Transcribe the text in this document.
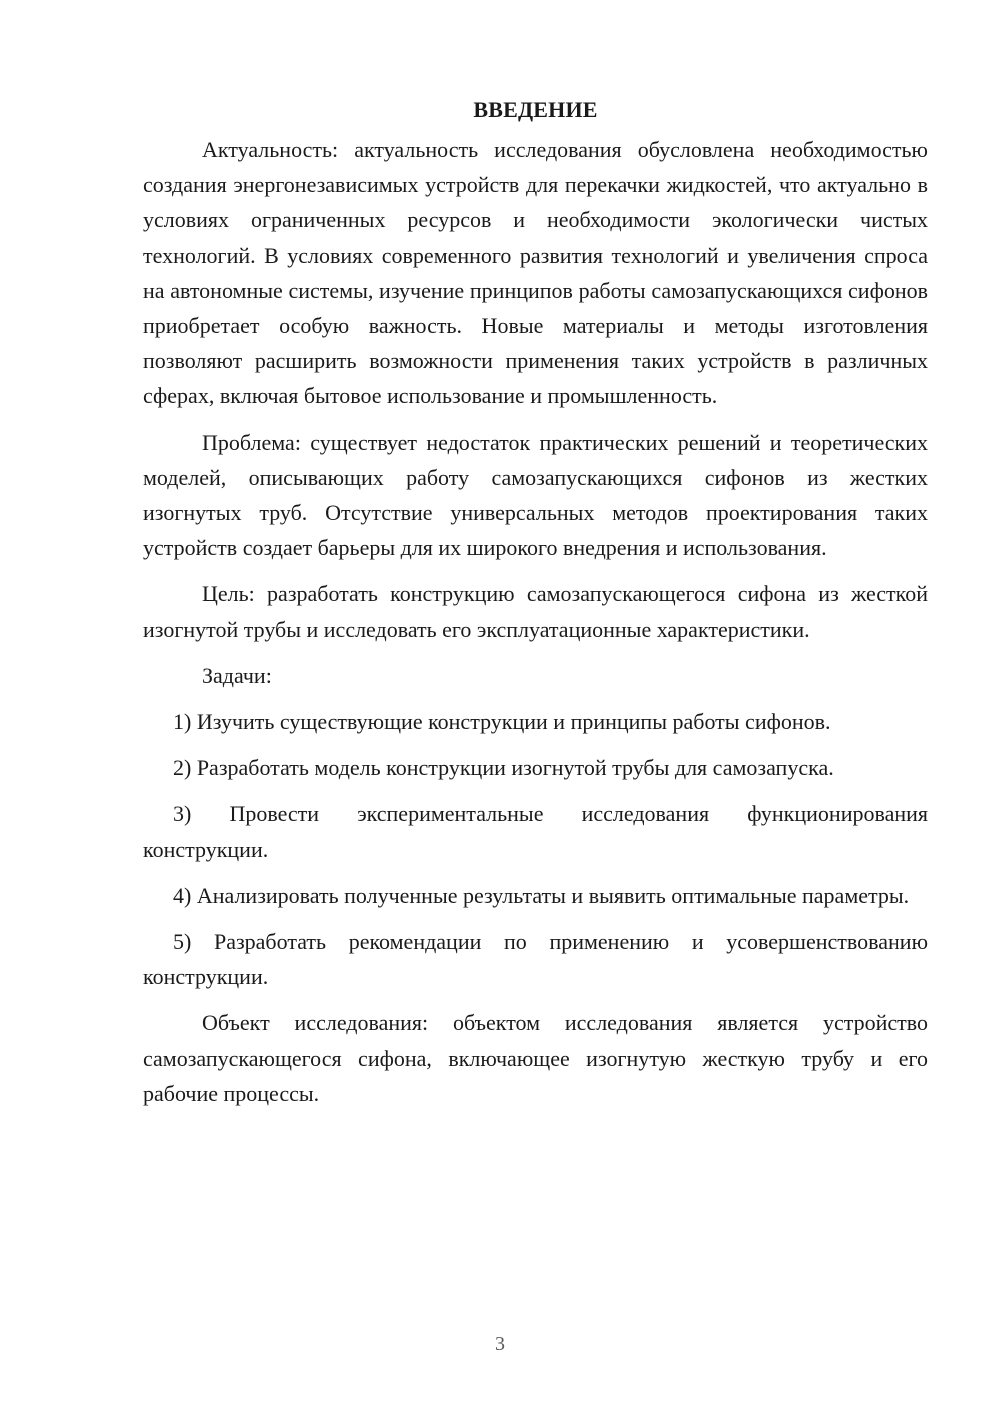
ВВЕДЕНИЕ

Актуальность: актуальность исследования обусловлена необходимостью создания энергонезависимых устройств для перекачки жидкостей, что актуально в условиях ограниченных ресурсов и необходимости экологически чистых технологий. В условиях современного развития технологий и увеличения спроса на автономные системы, изучение принципов работы самозапускающихся сифонов приобретает особую важность. Новые материалы и методы изготовления позволяют расширить возможности применения таких устройств в различных сферах, включая бытовое использование и промышленность.

Проблема: существует недостаток практических решений и теоретических моделей, описывающих работу самозапускающихся сифонов из жестких изогнутых труб. Отсутствие универсальных методов проектирования таких устройств создает барьеры для их широкого внедрения и использования.

Цель: разработать конструкцию самозапускающегося сифона из жесткой изогнутой трубы и исследовать его эксплуатационные характеристики.

Задачи:

1) Изучить существующие конструкции и принципы работы сифонов.

2) Разработать модель конструкции изогнутой трубы для самозапуска.

3) Провести экспериментальные исследования функционирования конструкции.

4) Анализировать полученные результаты и выявить оптимальные параметры.

5) Разработать рекомендации по применению и усовершенствованию конструкции.

Объект исследования: объектом исследования является устройство самозапускающегося сифона, включающее изогнутую жесткую трубу и его рабочие процессы.

3
